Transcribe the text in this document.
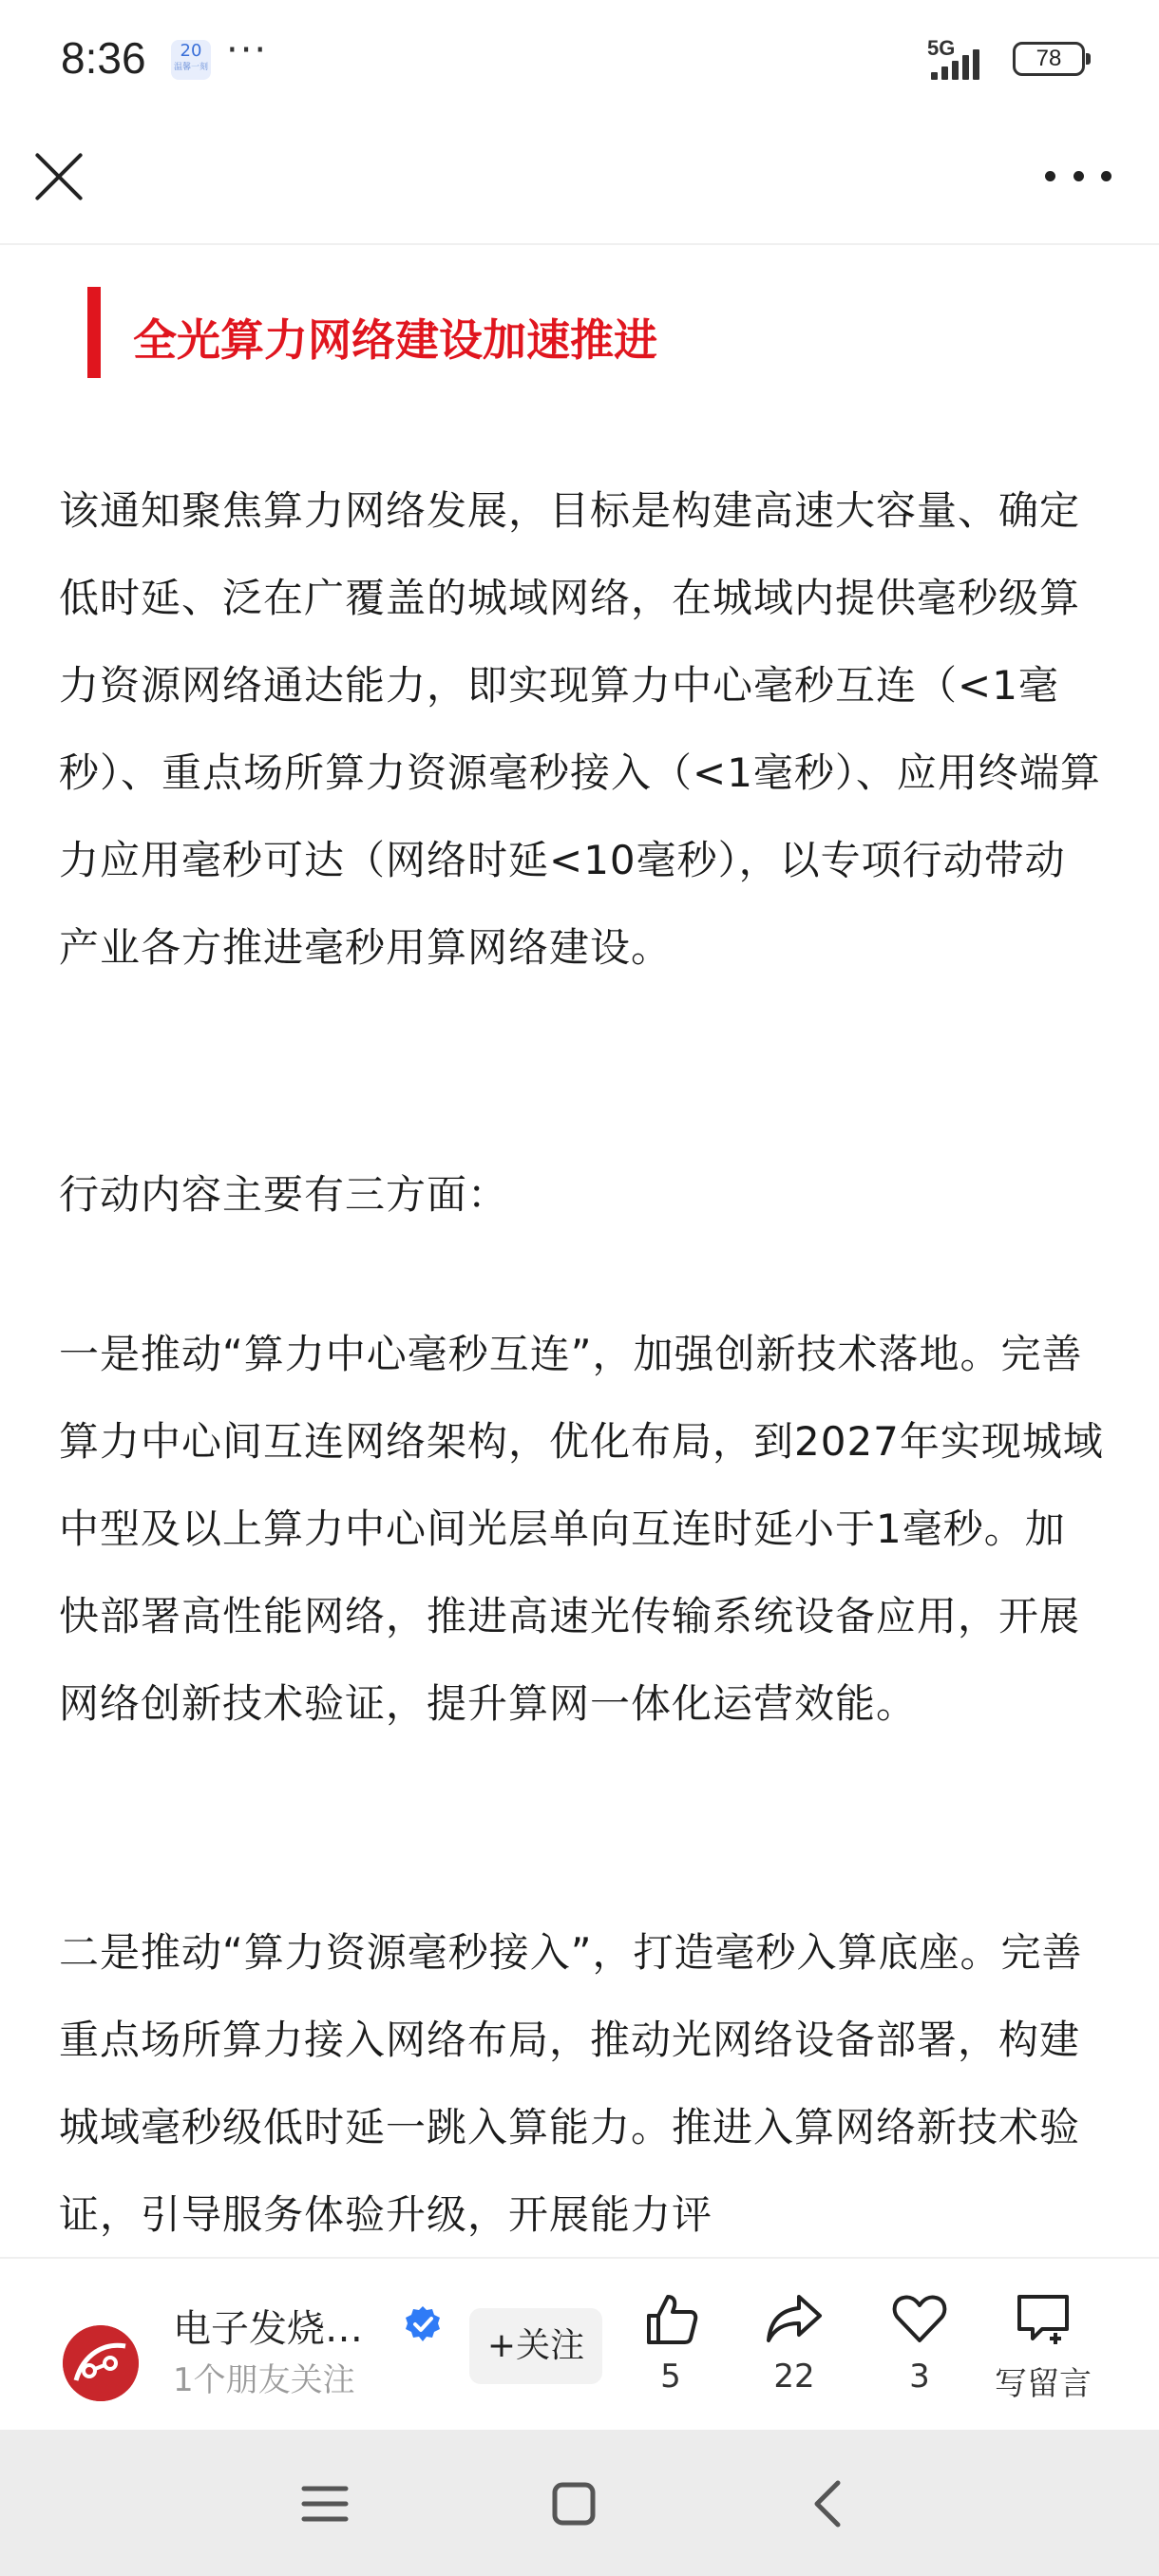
8:36	20
温馨一刻 ···	5G	78
全光算力网络建设加速推进

该通知聚焦算力网络发展，目标是构建高速大容量、确定低时延、泛在广覆盖的城域网络，在城域内提供毫秒级算力资源网络通达能力，即实现算力中心毫秒互连（<1毫秒）、重点场所算力资源毫秒接入（<1毫秒）、应用终端算力应用毫秒可达（网络时延<10毫秒），以专项行动带动产业各方推进毫秒用算网络建设。

行动内容主要有三方面：

一是推动“算力中心毫秒互连”，加强创新技术落地。完善算力中心间互连网络架构，优化布局，到2027年实现城域中型及以上算力中心间光层单向互连时延小于1毫秒。加快部署高性能网络，推进高速光传输系统设备应用，开展网络创新技术验证，提升算网一体化运营效能。

二是推动“算力资源毫秒接入”，打造毫秒入算底座。完善重点场所算力接入网络布局，推动光网络设备部署，构建城域毫秒级低时延一跳入算能力。推进入算网络新技术验证，引导服务体验升级，开展能力评

电子发烧…
1个朋友关注
+关注
5	22	3	写留言
